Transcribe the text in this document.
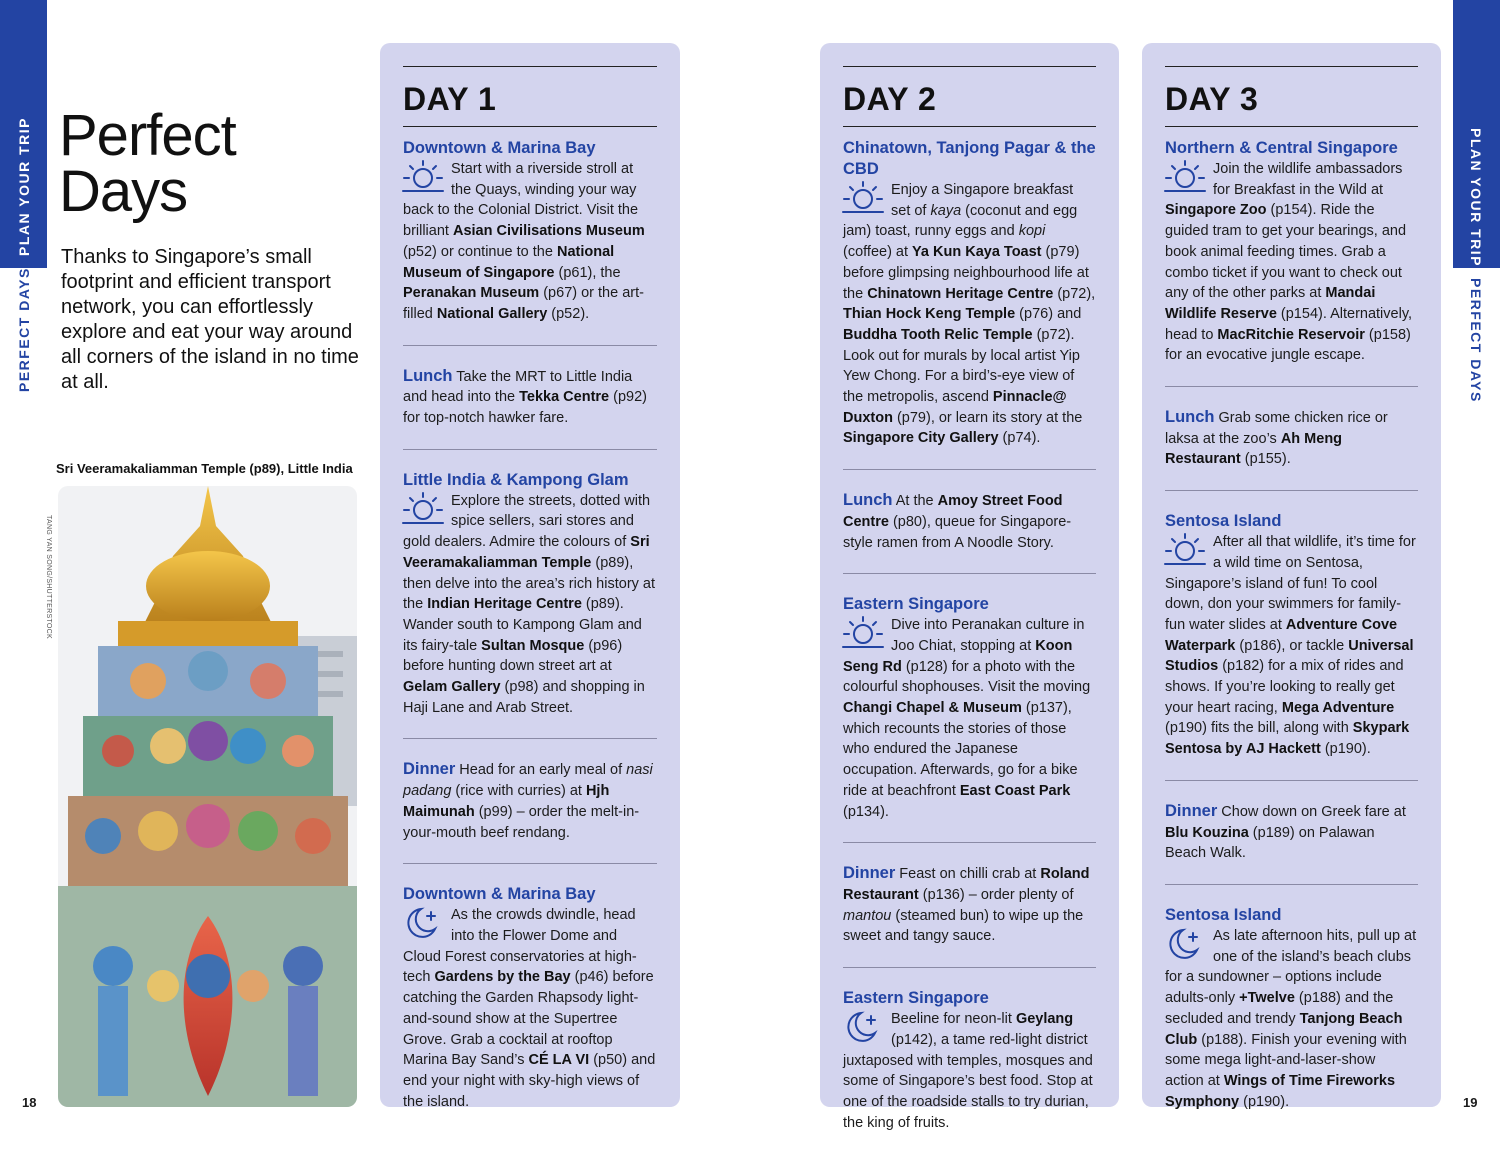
PLAN YOUR TRIP
PERFECT DAYS
PLAN YOUR TRIP
PERFECT DAYS
18	19
Perfect
Days
Thanks to Singapore’s small footprint and efficient transport network, you can effortlessly explore and eat your way around all corners of the island in no time at all.
Sri Veeramakaliamman Temple (p89), Little India
TANG YAN SONG/SHUTTERSTOCK
DAY 1
Downtown & Marina Bay
Start with a riverside stroll at the Quays, winding your way back to the Colonial District. Visit the brilliant Asian Civilisations Museum (p52) or continue to the National Museum of Singapore (p61), the Peranakan Museum (p67) or the art-filled National Gallery (p52).
Lunch Take the MRT to Little India and head into the Tekka Centre (p92) for top-notch hawker fare.
Little India & Kampong Glam
Explore the streets, dotted with spice sellers, sari stores and gold dealers. Admire the colours of Sri Veeramakaliamman Temple (p89), then delve into the area’s rich history at the Indian Heritage Centre (p89). Wander south to Kampong Glam and its fairy-tale Sultan Mosque (p96) before hunting down street art at Gelam Gallery (p98) and shopping in Haji Lane and Arab Street.
Dinner Head for an early meal of nasi padang (rice with curries) at Hjh Maimunah (p99) – order the melt-in-your-mouth beef rendang.
Downtown & Marina Bay
As the crowds dwindle, head into the Flower Dome and Cloud Forest conservatories at high-tech Gardens by the Bay (p46) before catching the Garden Rhapsody light-and-sound show at the Supertree Grove. Grab a cocktail at rooftop Marina Bay Sand’s CÉ LA VI (p50) and end your night with sky-high views of the island.
DAY 2
Chinatown, Tanjong Pagar & the CBD
Enjoy a Singapore breakfast set of kaya (coconut and egg jam) toast, runny eggs and kopi (coffee) at Ya Kun Kaya Toast (p79) before glimpsing neighbourhood life at the Chinatown Heritage Centre (p72), Thian Hock Keng Temple (p76) and Buddha Tooth Relic Temple (p72). Look out for murals by local artist Yip Yew Chong. For a bird’s-eye view of the metropolis, ascend Pinnacle@ Duxton (p79), or learn its story at the Singapore City Gallery (p74).
Lunch At the Amoy Street Food Centre (p80), queue for Singapore-style ramen from A Noodle Story.
Eastern Singapore
Dive into Peranakan culture in Joo Chiat, stopping at Koon Seng Rd (p128) for a photo with the colourful shophouses. Visit the moving Changi Chapel & Museum (p137), which recounts the stories of those who endured the Japanese occupation. Afterwards, go for a bike ride at beachfront East Coast Park (p134).
Dinner Feast on chilli crab at Roland Restaurant (p136) – order plenty of mantou (steamed bun) to wipe up the sweet and tangy sauce.
Eastern Singapore
Beeline for neon-lit Geylang (p142), a tame red-light district juxtaposed with temples, mosques and some of Singapore’s best food. Stop at one of the roadside stalls to try durian, the king of fruits.
DAY 3
Northern & Central Singapore
Join the wildlife ambassadors for Breakfast in the Wild at Singapore Zoo (p154). Ride the guided tram to get your bearings, and book animal feeding times. Grab a combo ticket if you want to check out any of the other parks at Mandai Wildlife Reserve (p154). Alternatively, head to MacRitchie Reservoir (p158) for an evocative jungle escape.
Lunch Grab some chicken rice or laksa at the zoo’s Ah Meng Restaurant (p155).
Sentosa Island
After all that wildlife, it’s time for a wild time on Sentosa, Singapore’s island of fun! To cool down, don your swimmers for family-fun water slides at Adventure Cove Waterpark (p186), or tackle Universal Studios (p182) for a mix of rides and shows. If you’re looking to really get your heart racing, Mega Adventure (p190) fits the bill, along with Skypark Sentosa by AJ Hackett (p190).
Dinner Chow down on Greek fare at Blu Kouzina (p189) on Palawan Beach Walk.
Sentosa Island
As late afternoon hits, pull up at one of the island’s beach clubs for a sundowner – options include adults-only +Twelve (p188) and the secluded and trendy Tanjong Beach Club (p188). Finish your evening with some mega light-and-laser-show action at Wings of Time Fireworks Symphony (p190).
